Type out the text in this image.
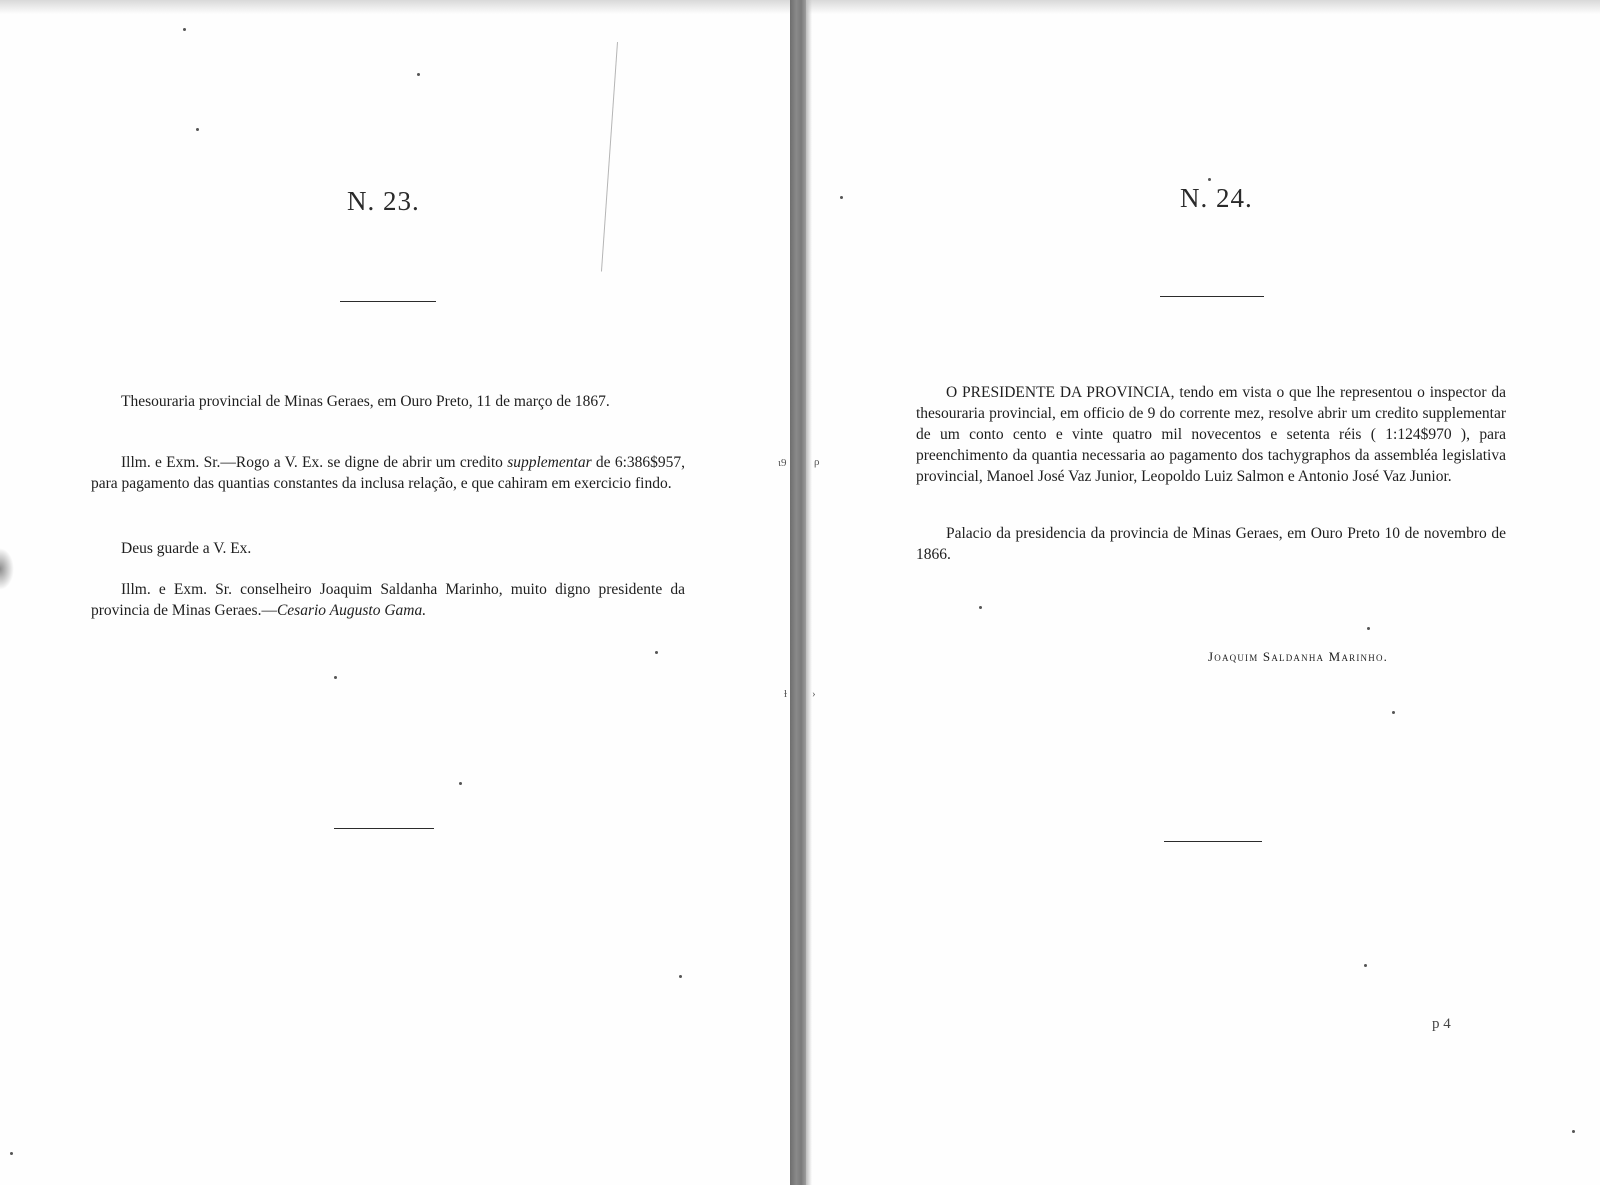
N. 23.

Thesouraria provincial de Minas Geraes, em Ouro Preto, 11 de março de 1867.

Illm. e Exm. Sr.—Rogo a V. Ex. se digne de abrir um credito supplementar de 6:386$957, para pagamento das quantias constantes da inclusa relação, e que cahiram em exercicio findo.

Deus guarde a V. Ex.

Illm. e Exm. Sr. conselheiro Joaquim Saldanha Marinho, muito digno presidente da provincia de Minas Geraes.—Cesario Augusto Gama.

ι9	ρ
ɫ ›
N. 24.

O PRESIDENTE DA PROVINCIA, tendo em vista o que lhe representou o inspector da thesouraria provincial, em officio de 9 do corrente mez, resolve abrir um credito supplementar de um conto cento e vinte quatro mil novecentos e setenta réis ( 1:124$970 ), para preenchimento da quantia necessaria ao pagamento dos tachygraphos da assembléa legislativa provincial, Manoel José Vaz Junior, Leopoldo Luiz Salmon e Antonio José Vaz Junior.

Palacio da presidencia da provincia de Minas Geraes, em Ouro Preto 10 de novembro de 1866.

Joaquim Saldanha Marinho.
p 4
